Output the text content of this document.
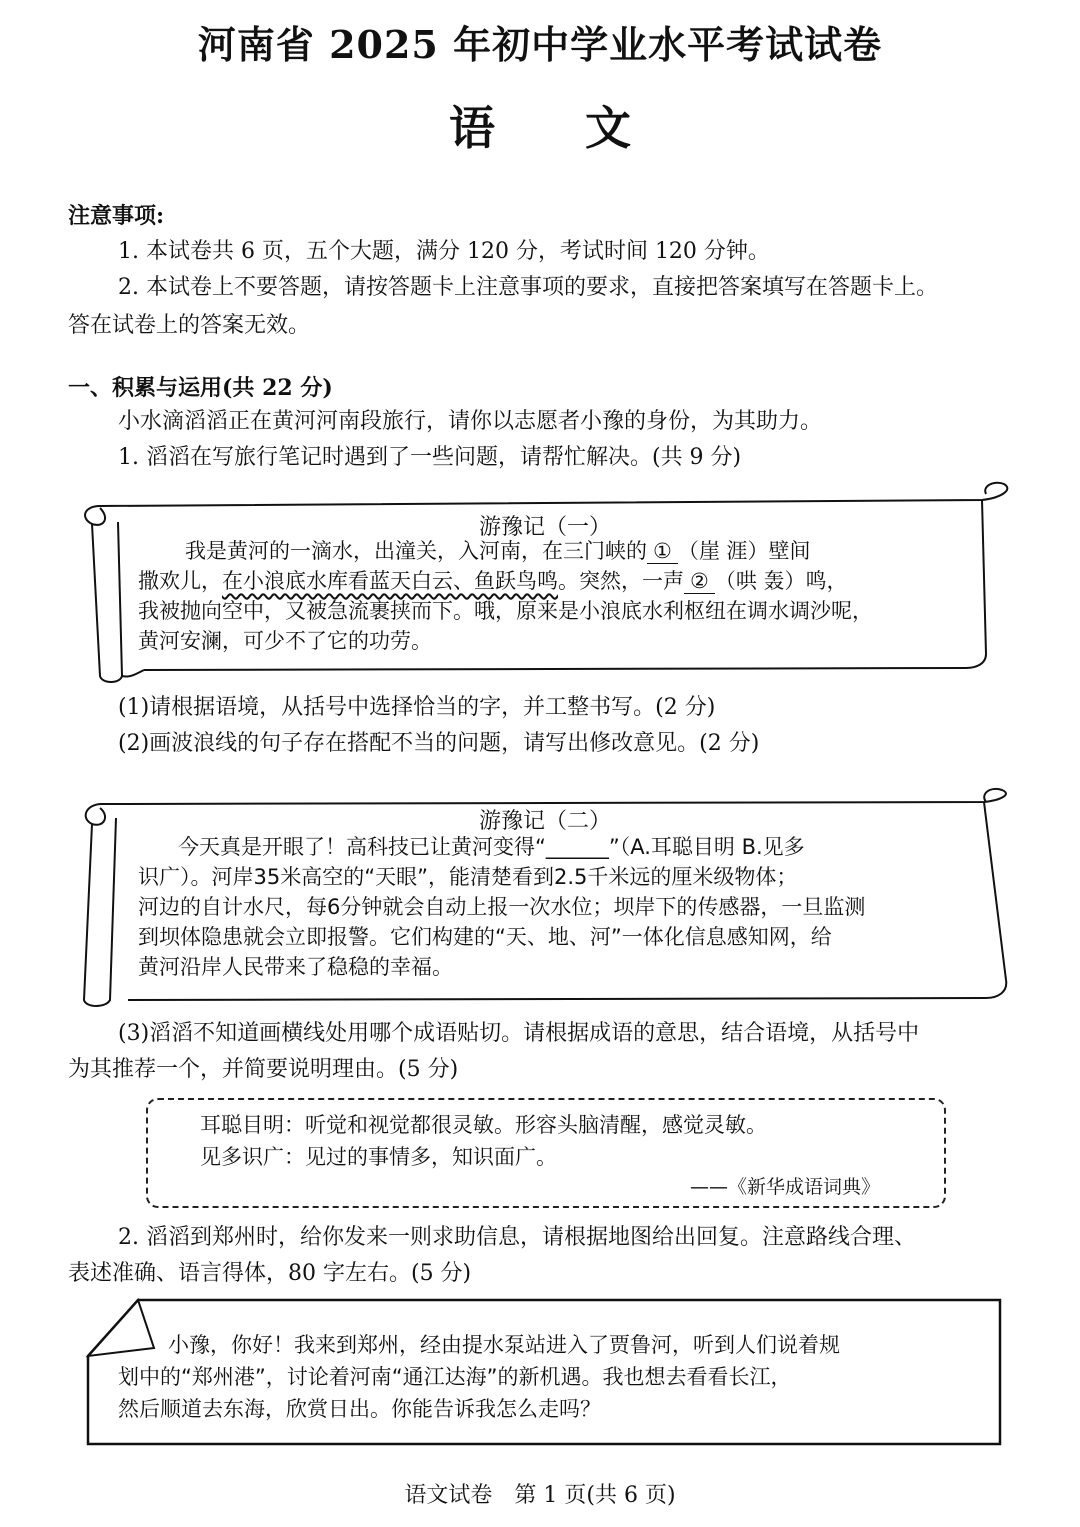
河南省 2025 年初中学业水平考试试卷
语文
注意事项:
1. 本试卷共 6 页，五个大题，满分 120 分，考试时间 120 分钟。
2. 本试卷上不要答题，请按答题卡上注意事项的要求，直接把答案填写在答题卡上。
答在试卷上的答案无效。
一、积累与运用(共 22 分)
小水滴滔滔正在黄河河南段旅行，请你以志愿者小豫的身份，为其助力。
1. 滔滔在写旅行笔记时遇到了一些问题，请帮忙解决。(共 9 分)
游豫记（一）
我是黄河的一滴水，出潼关，入河南，在三门峡的 ① （崖 涯）壁间
撒欢儿，在小浪底水库看蓝天白云、鱼跃鸟鸣。突然，一声 ② （哄 轰）鸣，
我被抛向空中，又被急流裹挟而下。哦，原来是小浪底水利枢纽在调水调沙呢，
黄河安澜，可少不了它的功劳。
(1)请根据语境，从括号中选择恰当的字，并工整书写。(2 分)
(2)画波浪线的句子存在搭配不当的问题，请写出修改意见。(2 分)
游豫记（二）
今天真是开眼了！高科技已让黄河变得“______”（A.耳聪目明 B.见多
识广）。河岸35米高空的“天眼”，能清楚看到2.5千米远的厘米级物体；
河边的自计水尺，每6分钟就会自动上报一次水位；坝岸下的传感器，一旦监测
到坝体隐患就会立即报警。它们构建的“天、地、河”一体化信息感知网，给
黄河沿岸人民带来了稳稳的幸福。
(3)滔滔不知道画横线处用哪个成语贴切。请根据成语的意思，结合语境，从括号中
为其推荐一个，并简要说明理由。(5 分)
耳聪目明：听觉和视觉都很灵敏。形容头脑清醒，感觉灵敏。
见多识广：见过的事情多，知识面广。
——《新华成语词典》
2. 滔滔到郑州时，给你发来一则求助信息，请根据地图给出回复。注意路线合理、
表述准确、语言得体，80 字左右。(5 分)
小豫，你好！我来到郑州，经由提水泵站进入了贾鲁河，听到人们说着规
划中的“郑州港”，讨论着河南“通江达海”的新机遇。我也想去看看长江，
然后顺道去东海，欣赏日出。你能告诉我怎么走吗？
语文试卷　第 1 页(共 6 页)
